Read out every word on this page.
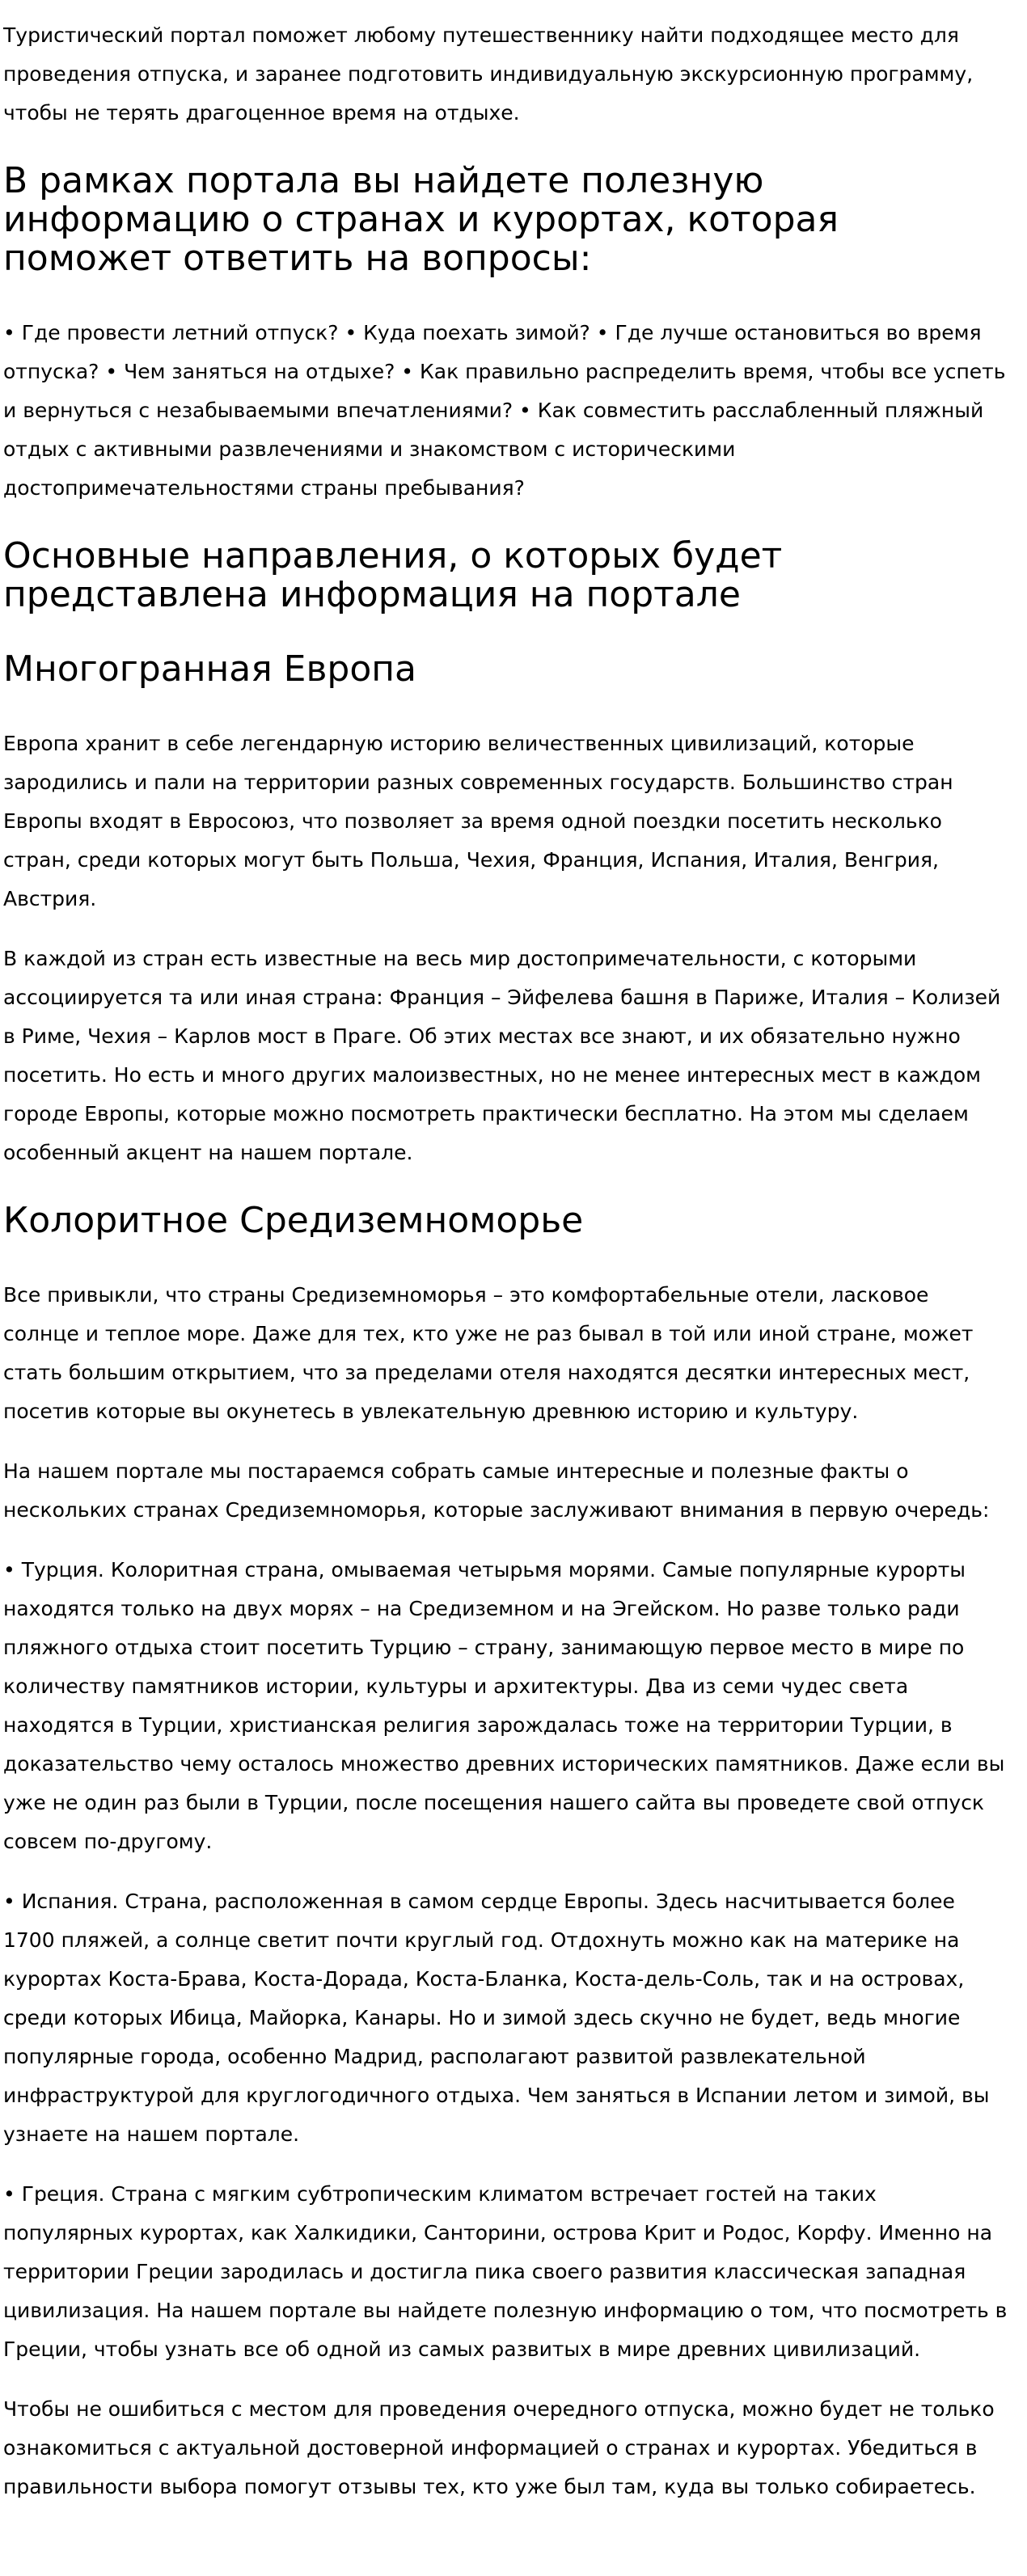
Туристический портал поможет любому путешественнику найти подходящее место для проведения отпуска, и заранее подготовить индивидуальную экскурсионную программу, чтобы не терять драгоценное время на отдыхе.

В рамках портала вы найдете полезную информацию о странах и курортах, которая поможет ответить на вопросы:

• Где провести летний отпуск? • Куда поехать зимой? • Где лучше остановиться во время отпуска? • Чем заняться на отдыхе? • Как правильно распределить время, чтобы все успеть и вернуться с незабываемыми впечатлениями? • Как совместить расслабленный пляжный отдых с активными развлечениями и знакомством с историческими достопримечательностями страны пребывания?

Основные направления, о которых будет представлена информация на портале
Многогранная Европа

Европа хранит в себе легендарную историю величественных цивилизаций, которые зародились и пали на территории разных современных государств. Большинство стран Европы входят в Евросоюз, что позволяет за время одной поездки посетить несколько стран, среди которых могут быть Польша, Чехия, Франция, Испания, Италия, Венгрия, Австрия.

В каждой из стран есть известные на весь мир достопримечательности, с которыми ассоциируется та или иная страна: Франция – Эйфелева башня в Париже, Италия – Колизей в Риме, Чехия – Карлов мост в Праге. Об этих местах все знают, и их обязательно нужно посетить. Но есть и много других малоизвестных, но не менее интересных мест в каждом городе Европы, которые можно посмотреть практически бесплатно. На этом мы сделаем особенный акцент на нашем портале.

Колоритное Средиземноморье

Все привыкли, что страны Средиземноморья – это комфортабельные отели, ласковое солнце и теплое море. Даже для тех, кто уже не раз бывал в той или иной стране, может стать большим открытием, что за пределами отеля находятся десятки интересных мест, посетив которые вы окунетесь в увлекательную древнюю историю и культуру.

На нашем портале мы постараемся собрать самые интересные и полезные факты о нескольких странах Средиземноморья, которые заслуживают внимания в первую очередь:

• Турция. Колоритная страна, омываемая четырьмя морями. Самые популярные курорты находятся только на двух морях – на Средиземном и на Эгейском. Но разве только ради пляжного отдыха стоит посетить Турцию – страну, занимающую первое место в мире по количеству памятников истории, культуры и архитектуры. Два из семи чудес света находятся в Турции, христианская религия зарождалась тоже на территории Турции, в доказательство чему осталось множество древних исторических памятников. Даже если вы уже не один раз были в Турции, после посещения нашего сайта вы проведете свой отпуск совсем по-другому.

• Испания. Страна, расположенная в самом сердце Европы. Здесь насчитывается более 1700 пляжей, а солнце светит почти круглый год. Отдохнуть можно как на материке на курортах Коста-Брава, Коста-Дорада, Коста-Бланка, Коста-дель-Соль, так и на островах, среди которых Ибица, Майорка, Канары. Но и зимой здесь скучно не будет, ведь многие популярные города, особенно Мадрид, располагают развитой развлекательной инфраструктурой для круглогодичного отдыха. Чем заняться в Испании летом и зимой, вы узнаете на нашем портале.

• Греция. Страна с мягким субтропическим климатом встречает гостей на таких популярных курортах, как Халкидики, Санторини, острова Крит и Родос, Корфу. Именно на территории Греции зародилась и достигла пика своего развития классическая западная цивилизация. На нашем портале вы найдете полезную информацию о том, что посмотреть в Греции, чтобы узнать все об одной из самых развитых в мире древних цивилизаций.

Чтобы не ошибиться с местом для проведения очередного отпуска, можно будет не только ознакомиться с актуальной достоверной информацией о странах и курортах. Убедиться в правильности выбора помогут отзывы тех, кто уже был там, куда вы только собираетесь.
